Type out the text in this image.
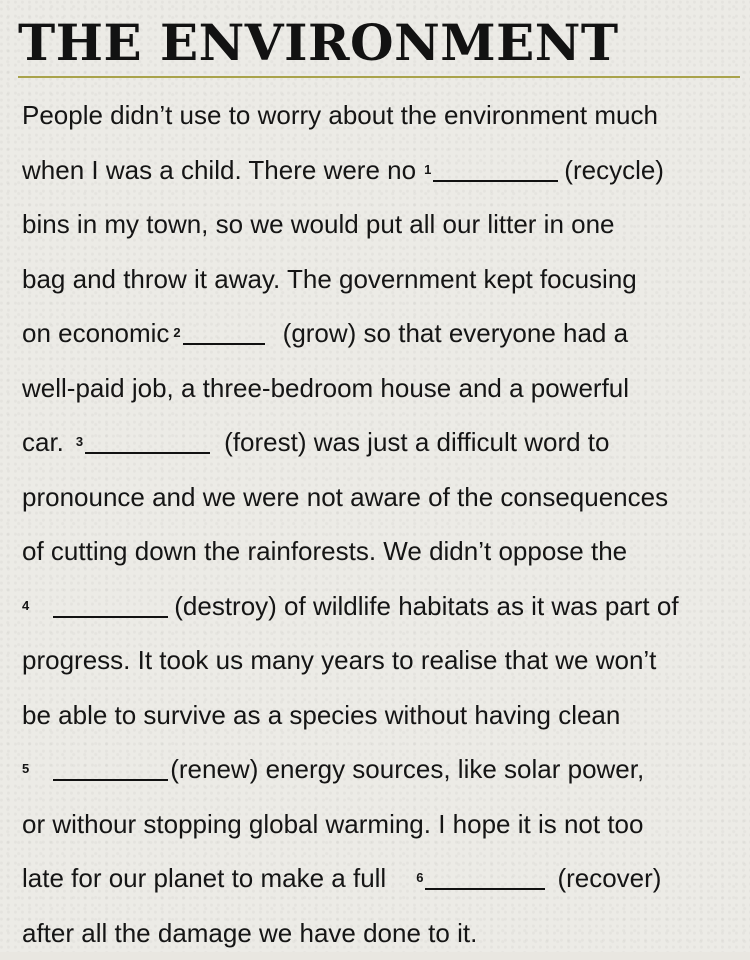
THE ENVIRONMENT
People didn’t use to worry about the environment much
when I was a child. There were no 1	(recycle)
bins in my town, so we would put all our litter in one
bag and throw it away. The government kept focusing
on economic 2	(grow) so that everyone had a
well-paid job, a three-bedroom house and a powerful
car. 3	(forest) was just a difficult word to
pronounce and we were not aware of the consequences
of cutting down the rainforests. We didn’t oppose the
4	(destroy) of wildlife habitats as it was part of
progress. It took us many years to realise that we won’t
be able to survive as a species without having clean
5	(renew) energy sources, like solar power,
or withour stopping global warming. I hope it is not too
late for our planet to make a full 6	(recover)
after all the damage we have done to it.
